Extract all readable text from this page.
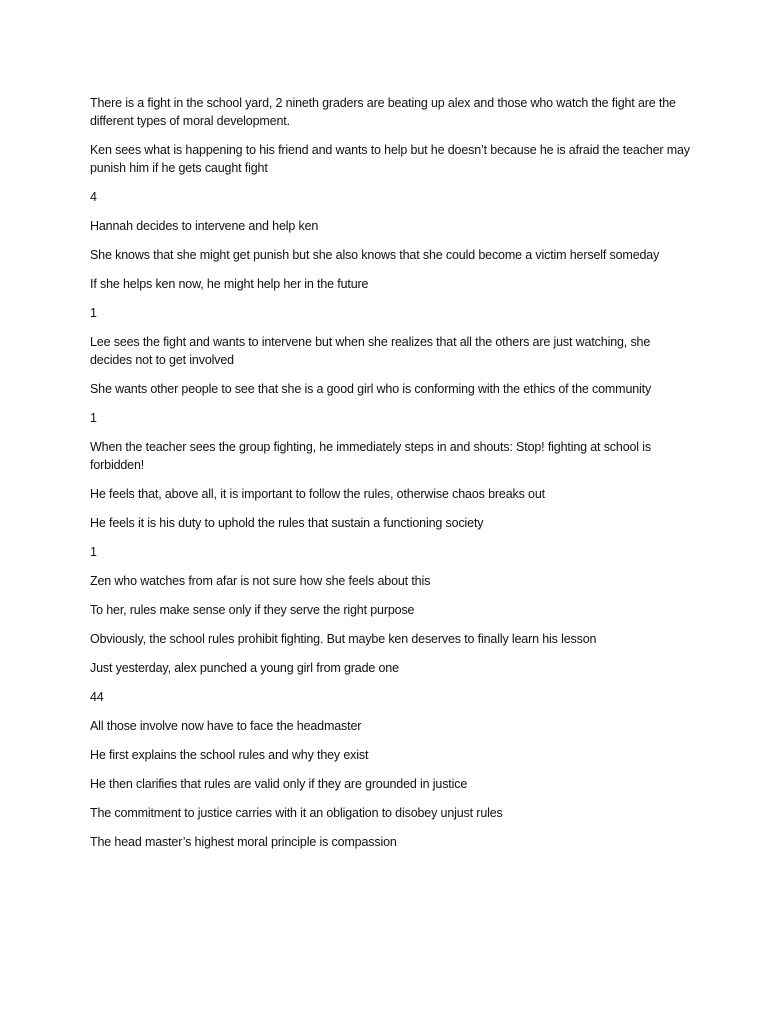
There is a fight in the school yard, 2 nineth graders are beating up alex and those who watch the fight are the different types of moral development.

Ken sees what is happening to his friend and wants to help but he doesn’t because he is afraid the teacher may punish him if he gets caught fight

4

Hannah decides to intervene and help ken

She knows that she might get punish but she also knows that she could become a victim herself someday

If she helps ken now, he might help her in the future

1

Lee sees the fight and wants to intervene but when she realizes that all the others are just watching, she decides not to get involved

She wants other people to see that she is a good girl who is conforming with the ethics of the community

1

When the teacher sees the group fighting, he immediately steps in and shouts: Stop! fighting at school is forbidden!

He feels that, above all, it is important to follow the rules, otherwise chaos breaks out

He feels it is his duty to uphold the rules that sustain a functioning society

1

Zen who watches from afar is not sure how she feels about this

To her, rules make sense only if they serve the right purpose

Obviously, the school rules prohibit fighting. But maybe ken deserves to finally learn his lesson

Just yesterday, alex punched a young girl from grade one

44

All those involve now have to face the headmaster

He first explains the school rules and why they exist

He then clarifies that rules are valid only if they are grounded in justice

The commitment to justice carries with it an obligation to disobey unjust rules

The head master’s highest moral principle is compassion
